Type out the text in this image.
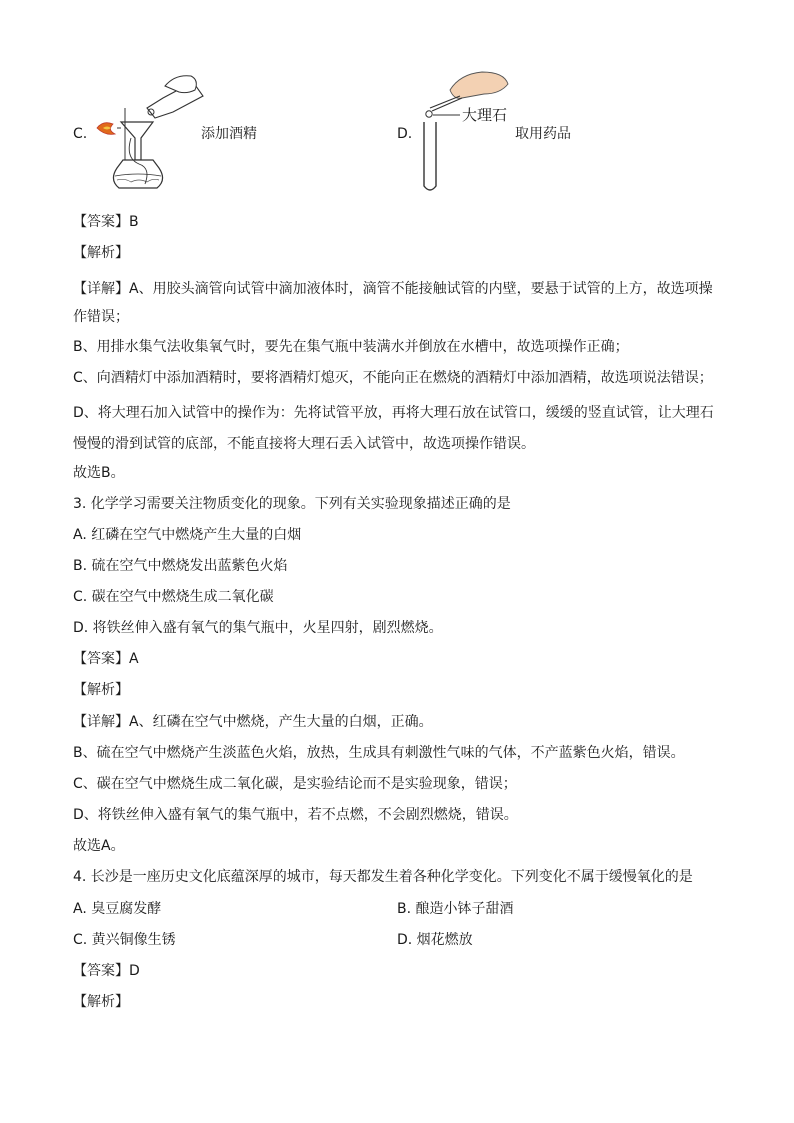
C.	添加酒精	D.
大理石
取用药品
【答案】B
【解析】
【详解】A、用胶头滴管向试管中滴加液体时，滴管不能接触试管的内壁，要悬于试管的上方，故选项操作错误；
B、用排水集气法收集氧气时，要先在集气瓶中装满水并倒放在水槽中，故选项操作正确；
C、向酒精灯中添加酒精时，要将酒精灯熄灭，不能向正在燃烧的酒精灯中添加酒精，故选项说法错误；
D、将大理石加入试管中的操作为：先将试管平放，再将大理石放在试管口，缓缓的竖直试管，让大理石慢慢的滑到试管的底部，不能直接将大理石丢入试管中，故选项操作错误。
故选B。
3. 化学学习需要关注物质变化的现象。下列有关实验现象描述正确的是
A. 红磷在空气中燃烧产生大量的白烟
B. 硫在空气中燃烧发出蓝紫色火焰
C. 碳在空气中燃烧生成二氧化碳
D. 将铁丝伸入盛有氧气的集气瓶中，火星四射，剧烈燃烧。
【答案】A
【解析】
【详解】A、红磷在空气中燃烧，产生大量的白烟，正确。
B、硫在空气中燃烧产生淡蓝色火焰，放热，生成具有刺激性气味的气体，不产蓝紫色火焰，错误。
C、碳在空气中燃烧生成二氧化碳，是实验结论而不是实验现象，错误；
D、将铁丝伸入盛有氧气的集气瓶中，若不点燃，不会剧烈燃烧，错误。
故选A。
4. 长沙是一座历史文化底蕴深厚的城市，每天都发生着各种化学变化。下列变化不属于缓慢氧化的是
A. 臭豆腐发酵	B. 酿造小钵子甜酒
C. 黄兴铜像生锈	D. 烟花燃放
【答案】D
【解析】
